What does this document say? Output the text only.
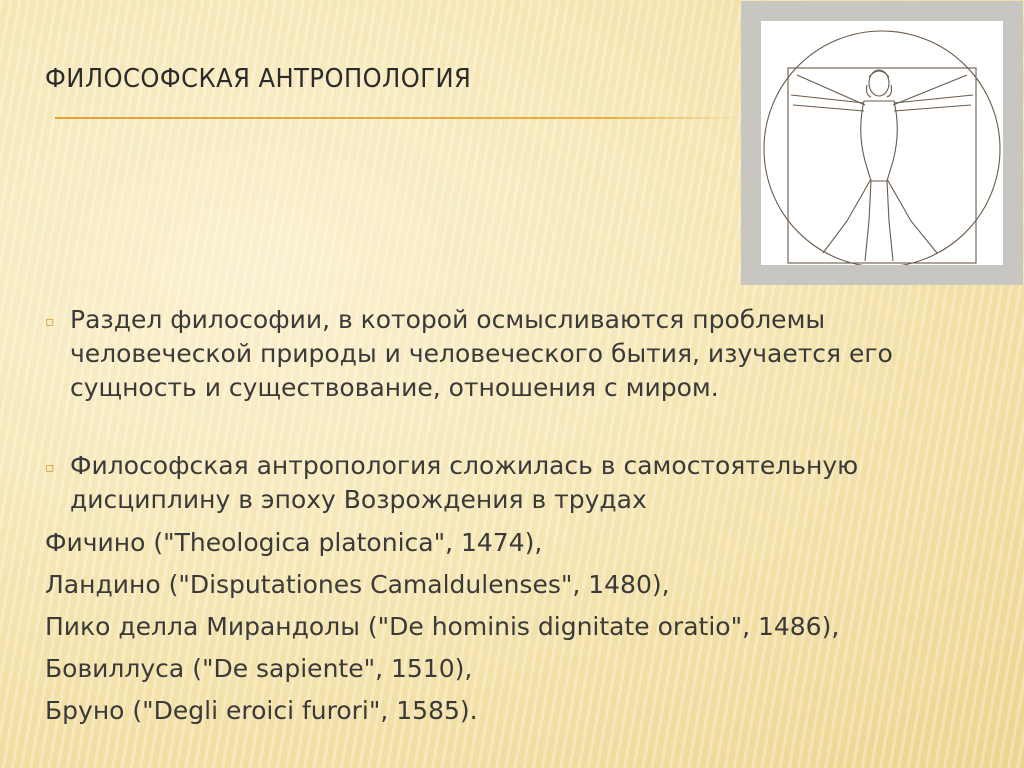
ФИЛОСОФСКАЯ АНТРОПОЛОГИЯ
▫ Раздел философии, в которой осмысливаются проблемы человеческой природы и человеческого бытия, изучается его сущность и существование, отношения с миром.
▫ Философская антропология сложилась в самостоятельную дисциплину в эпоху Возрождения в трудах
Фичино ("Theologica platonica", 1474),
Ландино ("Disputationes Camaldulenses", 1480),
Пико делла Мирандолы ("De hominis dignitate oratio", 1486),
Бовиллуса ("De sapiente", 1510),
Бруно ("Degli eroici furori", 1585).
